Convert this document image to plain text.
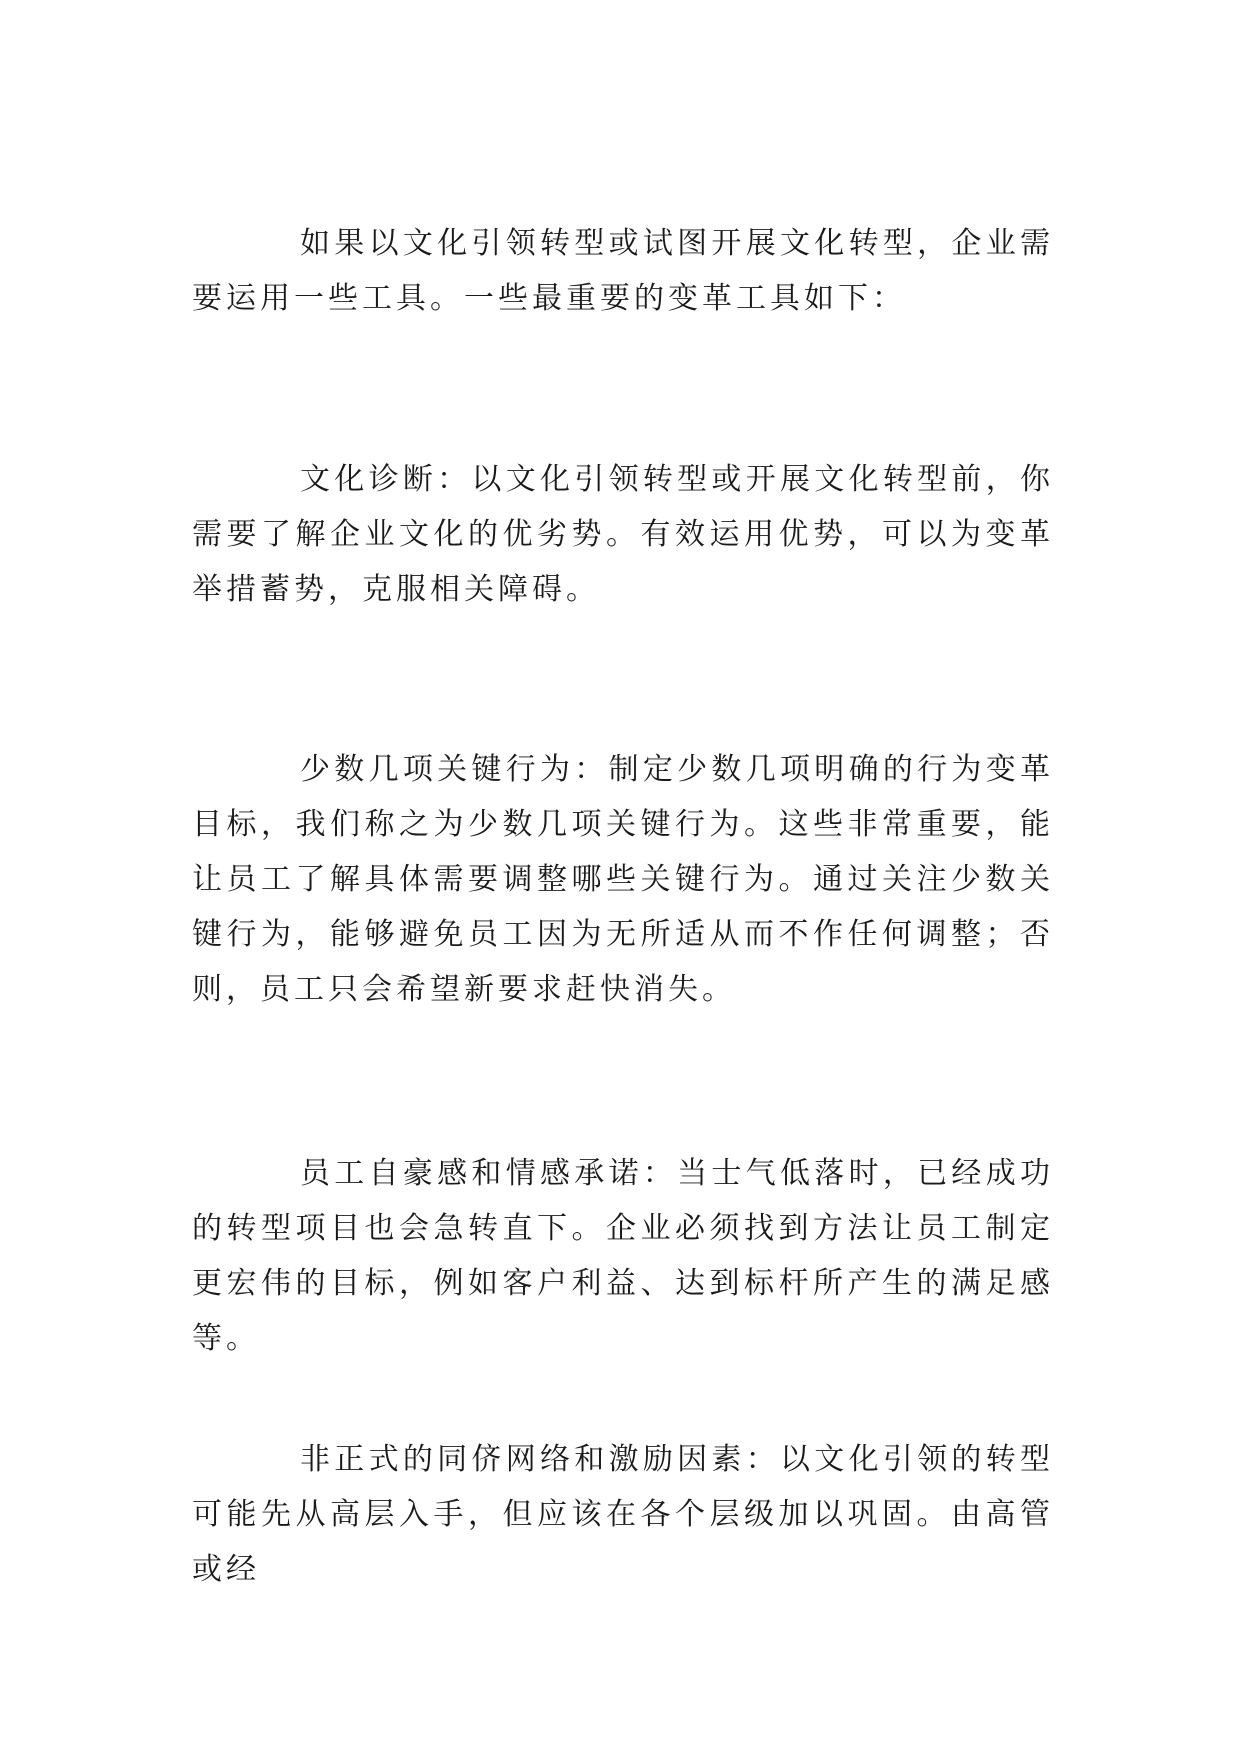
如果以文化引领转型或试图开展文化转型，企业需要运用一些工具。一些最重要的变革工具如下：

文化诊断：以文化引领转型或开展文化转型前，你需要了解企业文化的优劣势。有效运用优势，可以为变革举措蓄势，克服相关障碍。

少数几项关键行为：制定少数几项明确的行为变革目标，我们称之为少数几项关键行为。这些非常重要，能让员工了解具体需要调整哪些关键行为。通过关注少数关键行为，能够避免员工因为无所适从而不作任何调整；否则，员工只会希望新要求赶快消失。

员工自豪感和情感承诺：当士气低落时，已经成功的转型项目也会急转直下。企业必须找到方法让员工制定更宏伟的目标，例如客户利益、达到标杆所产生的满足感等。

非正式的同侪网络和激励因素：以文化引领的转型可能先从高层入手，但应该在各个层级加以巩固。由高管或经
